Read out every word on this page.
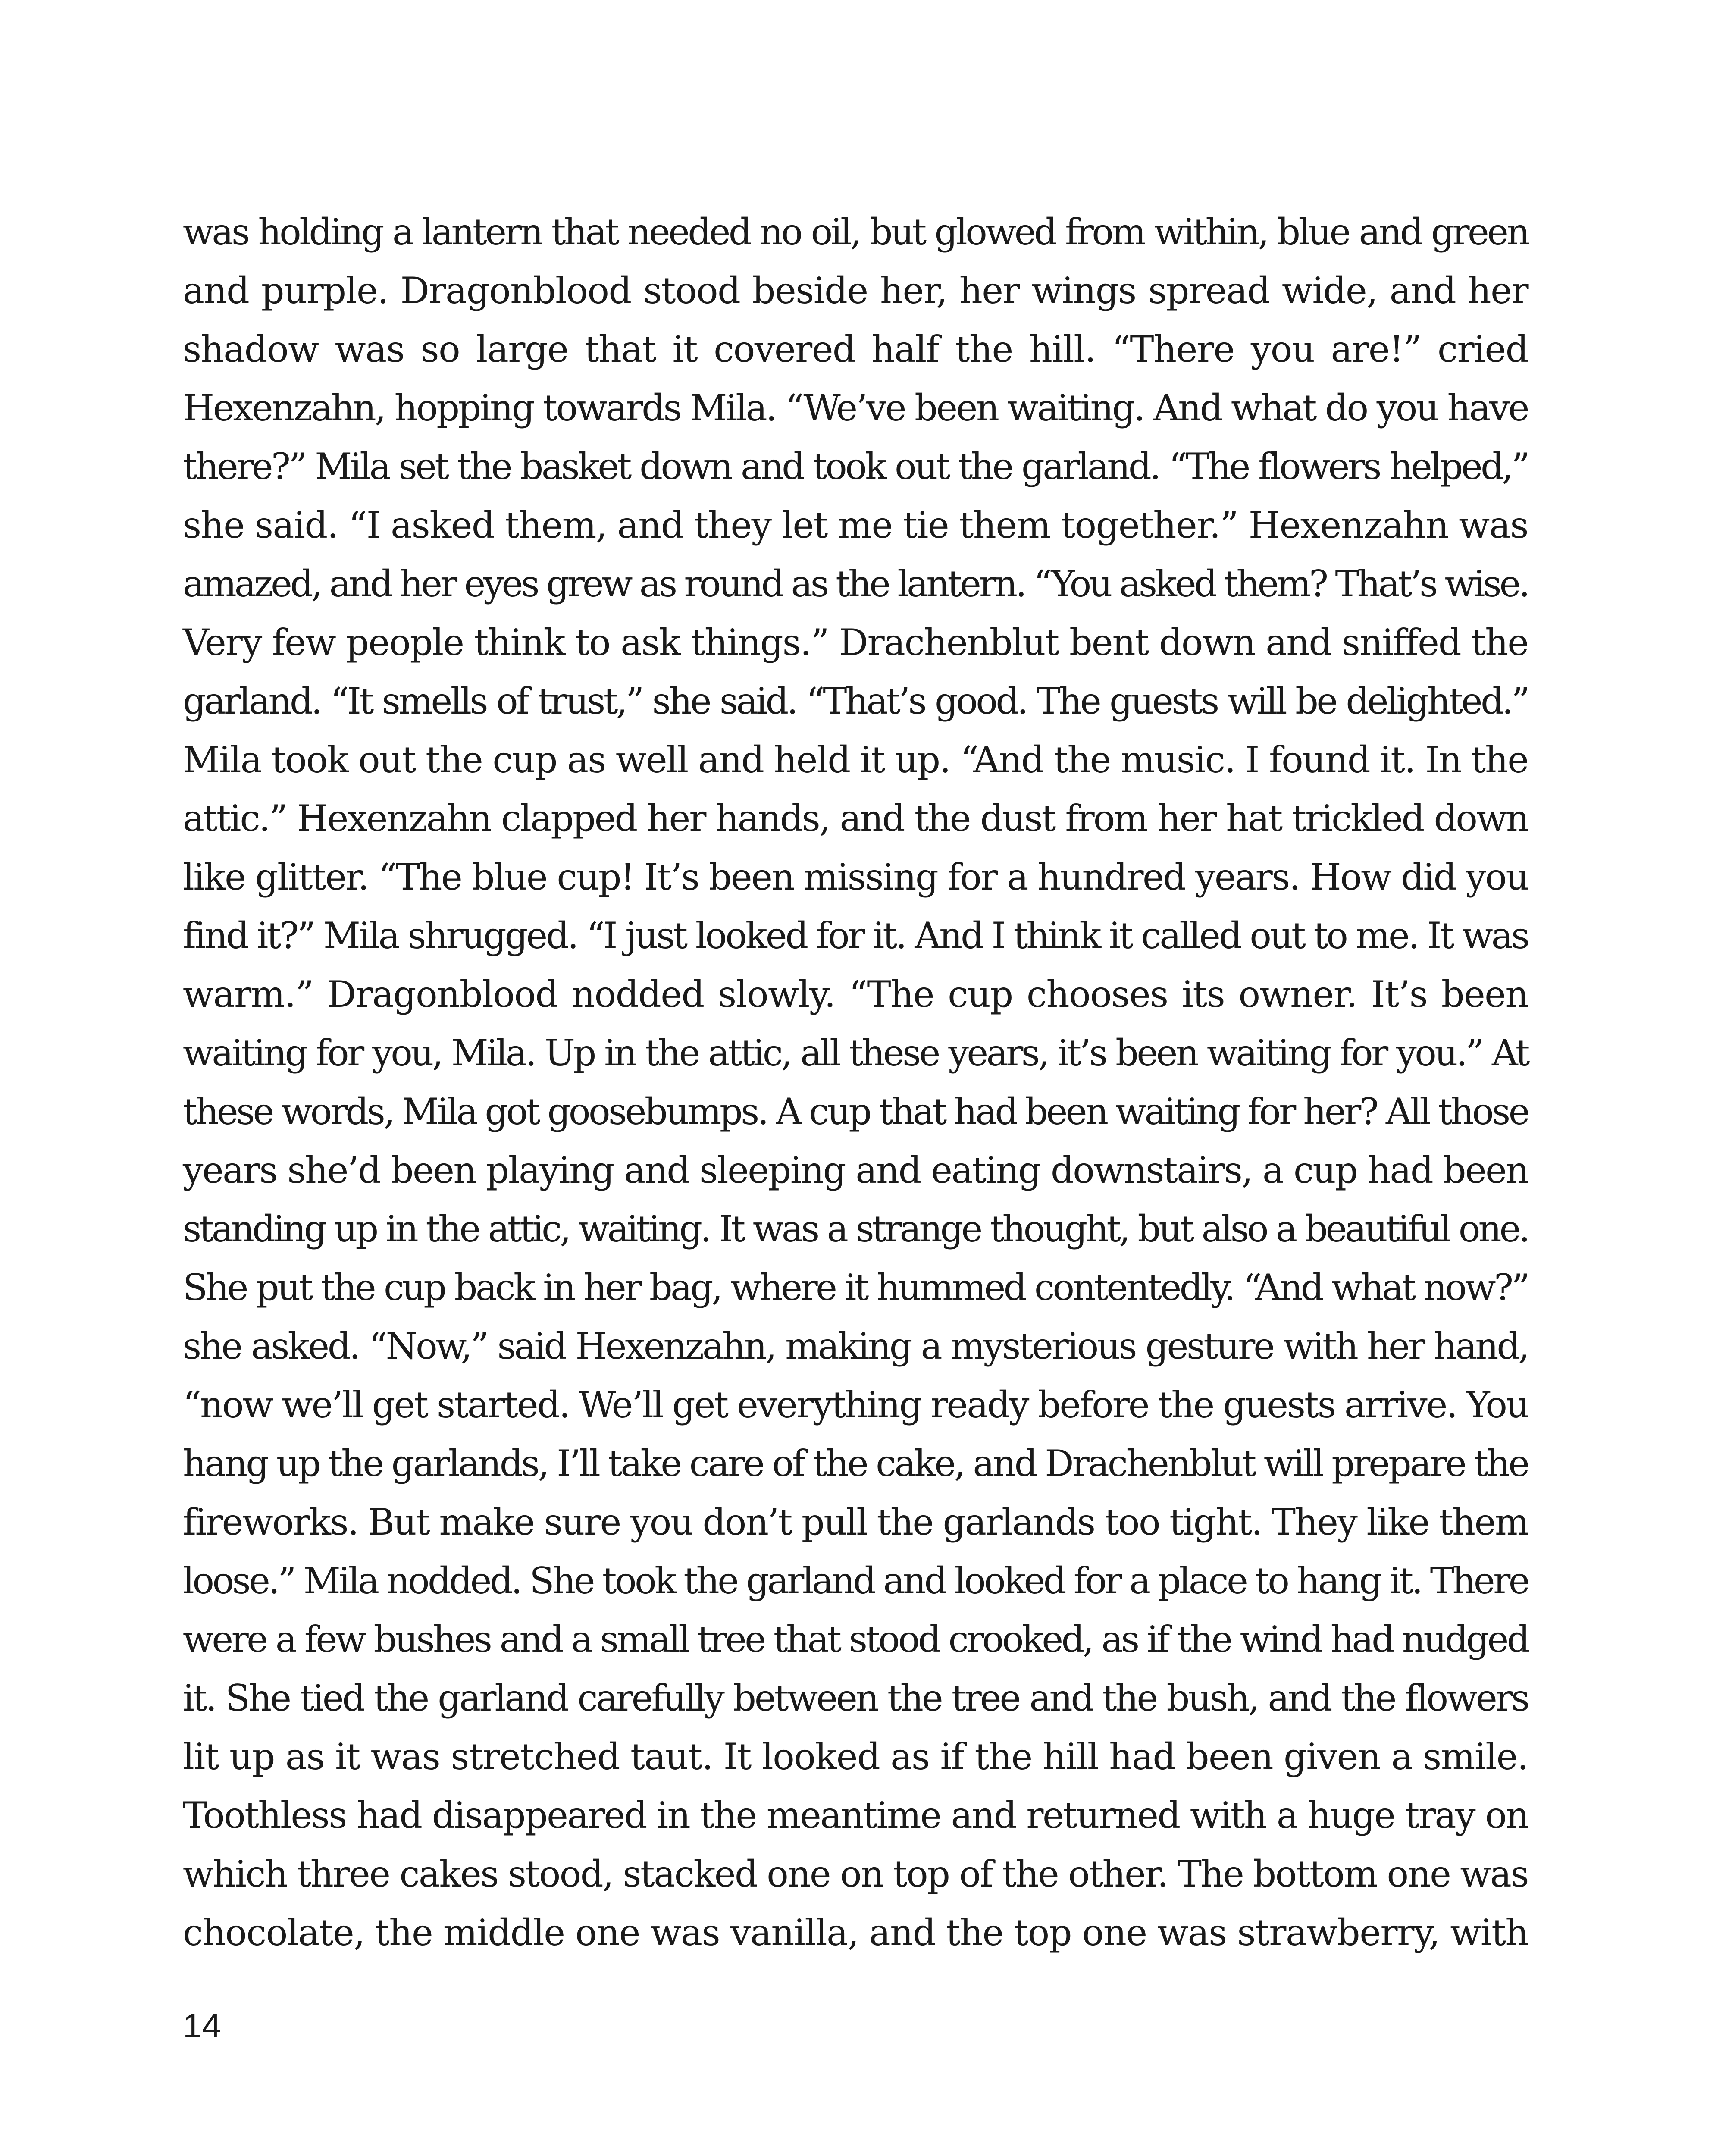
was holding a lantern that needed no oil, but glowed from within, blue and green
and purple. Dragonblood stood beside her, her wings spread wide, and her
shadow was so large that it covered half the hill. “There you are!” cried
Hexenzahn, hopping towards Mila. “We’ve been waiting. And what do you have
there?” Mila set the basket down and took out the garland. “The flowers helped,”
she said. “I asked them, and they let me tie them together.” Hexenzahn was
amazed, and her eyes grew as round as the lantern. “You asked them? That’s wise.
Very few people think to ask things.” Drachenblut bent down and sniffed the
garland. “It smells of trust,” she said. “That’s good. The guests will be delighted.”
Mila took out the cup as well and held it up. “And the music. I found it. In the
attic.” Hexenzahn clapped her hands, and the dust from her hat trickled down
like glitter. “The blue cup! It’s been missing for a hundred years. How did you
find it?” Mila shrugged. “I just looked for it. And I think it called out to me. It was
warm.” Dragonblood nodded slowly. “The cup chooses its owner. It’s been
waiting for you, Mila. Up in the attic, all these years, it’s been waiting for you.” At
these words, Mila got goosebumps. A cup that had been waiting for her? All those
years she’d been playing and sleeping and eating downstairs, a cup had been
standing up in the attic, waiting. It was a strange thought, but also a beautiful one.
She put the cup back in her bag, where it hummed contentedly. “And what now?”
she asked. “Now,” said Hexenzahn, making a mysterious gesture with her hand,
“now we’ll get started. We’ll get everything ready before the guests arrive. You
hang up the garlands, I’ll take care of the cake, and Drachenblut will prepare the
fireworks. But make sure you don’t pull the garlands too tight. They like them
loose.” Mila nodded. She took the garland and looked for a place to hang it. There
were a few bushes and a small tree that stood crooked, as if the wind had nudged
it. She tied the garland carefully between the tree and the bush, and the flowers
lit up as it was stretched taut. It looked as if the hill had been given a smile.
Toothless had disappeared in the meantime and returned with a huge tray on
which three cakes stood, stacked one on top of the other. The bottom one was
chocolate, the middle one was vanilla, and the top one was strawberry, with
14
